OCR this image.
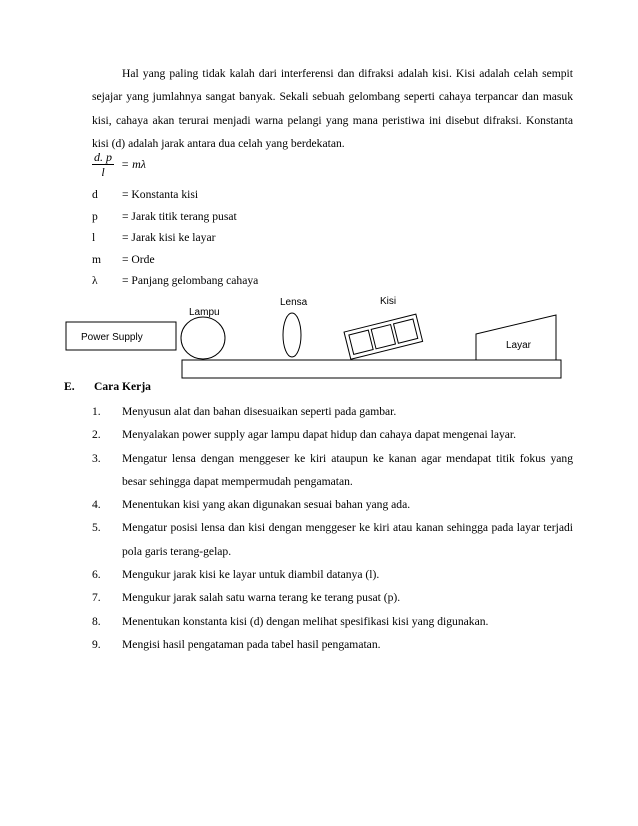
Hal yang paling tidak kalah dari interferensi dan difraksi adalah kisi. Kisi adalah celah sempit sejajar yang jumlahnya sangat banyak. Sekali sebuah gelombang seperti cahaya terpancar dan masuk kisi, cahaya akan terurai menjadi warna pelangi yang mana peristiwa ini disebut difraksi. Konstanta kisi (d) adalah jarak antara dua celah yang berdekatan.

$\frac{d. p}{l} = m\lambda$
d	= Konstanta kisi
p	= Jarak titik terang pusat
l	= Jarak kisi ke layar
m	= Orde
λ	= Panjang gelombang cahaya
Power Supply
Lampu
Lensa	Kisi
Layar
E. Cara Kerja
1. Menyusun alat dan bahan disesuaikan seperti pada gambar.
2. Menyalakan power supply agar lampu dapat hidup dan cahaya dapat mengenai layar.
3. Mengatur lensa dengan menggeser ke kiri ataupun ke kanan agar mendapat titik fokus yang besar sehingga dapat mempermudah pengamatan.
4. Menentukan kisi yang akan digunakan sesuai bahan yang ada.
5. Mengatur posisi lensa dan kisi dengan menggeser ke kiri atau kanan sehingga pada layar terjadi pola garis terang-gelap.
6. Mengukur jarak kisi ke layar untuk diambil datanya (l).
7. Mengukur jarak salah satu warna terang ke terang pusat (p).
8. Menentukan konstanta kisi (d) dengan melihat spesifikasi kisi yang digunakan.
9. Mengisi hasil pengataman pada tabel hasil pengamatan.
